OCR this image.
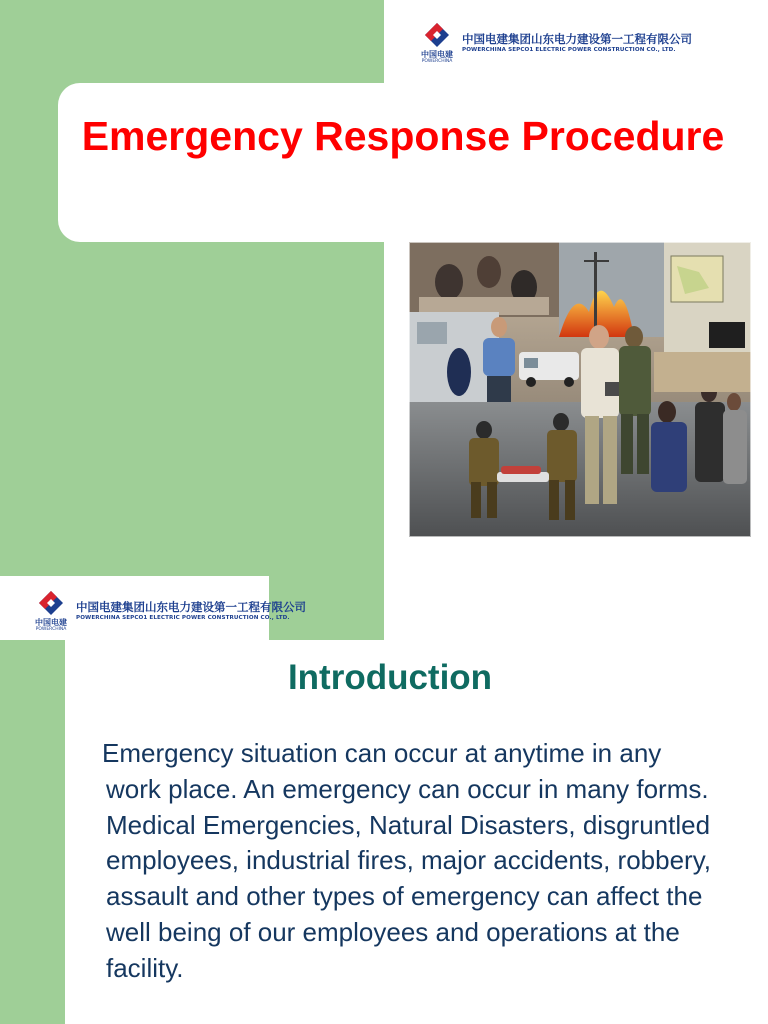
Emergency Response Procedure
中国电建
POWERCHINA
中国电建集团山东电力建设第一工程有限公司
POWERCHINA SEPCO1 ELECTRIC POWER CONSTRUCTION CO., LTD.
中国电建
POWERCHINA
中国电建集团山东电力建设第一工程有限公司
POWERCHINA SEPCO1 ELECTRIC POWER CONSTRUCTION CO., LTD.
Introduction

Emergency situation can occur at anytime in any work place. An emergency can occur in many forms. Medical Emergencies, Natural Disasters, disgruntled employees, industrial fires, major accidents, robbery, assault and other types of emergency can affect the well being of our employees and operations at the facility.
